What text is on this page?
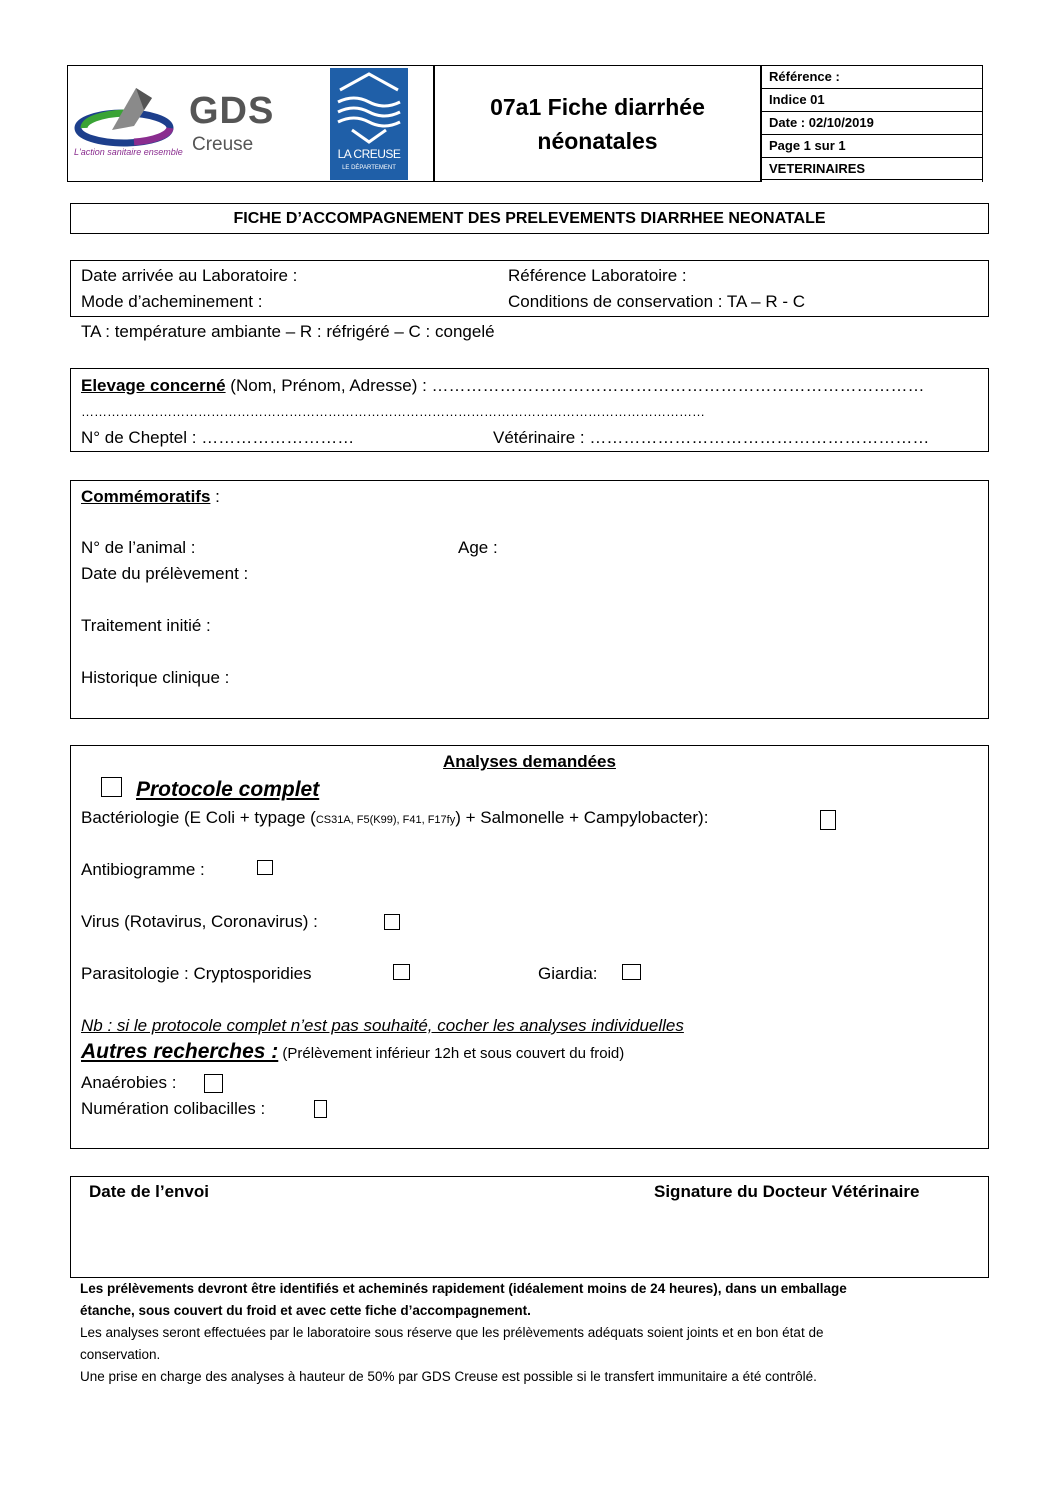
Référence :
Indice 01
Date : 02/10/2019
Page 1 sur 1
VETERINAIRES
GDS
Creuse
L'action sanitaire ensemble	LA CREUSE
LE DÉPARTEMENT
07a1 Fiche diarrhée
néonatales
FICHE D’ACCOMPAGNEMENT DES PRELEVEMENTS DIARRHEE NEONATALE
Date arrivée au Laboratoire :	Référence Laboratoire :
Mode d’acheminement :	Conditions de conservation : TA – R - C
TA : température ambiante – R : réfrigéré – C : congelé
Elevage concerné (Nom, Prénom, Adresse) : ……………………………………………………………………………
………………………………………………………………………………………………………………………………
N° de Cheptel : ………………………	Vétérinaire : ……………………………………………………
Commémoratifs :
N° de l’animal :	Age :
Date du prélèvement :
Traitement initié :
Historique clinique :
Analyses demandées
Protocole complet
Bactériologie (E Coli + typage (CS31A, F5(K99), F41, F17fy) + Salmonelle + Campylobacter):
Antibiogramme :
Virus (Rotavirus, Coronavirus) :
Parasitologie : Cryptosporidies	Giardia:
Nb : si le protocole complet n’est pas souhaité, cocher les analyses individuelles
Autres recherches : (Prélèvement inférieur 12h et sous couvert du froid)
Anaérobies :
Numération colibacilles :
Date de l’envoi	Signature du Docteur Vétérinaire
Les prélèvements devront être identifiés et acheminés rapidement (idéalement moins de 24 heures), dans un emballage
étanche, sous couvert du froid et avec cette fiche d’accompagnement.
Les analyses seront effectuées par le laboratoire sous réserve que les prélèvements adéquats soient joints et en bon état de
conservation.
Une prise en charge des analyses à hauteur de 50% par GDS Creuse est possible si le transfert immunitaire a été contrôlé.
